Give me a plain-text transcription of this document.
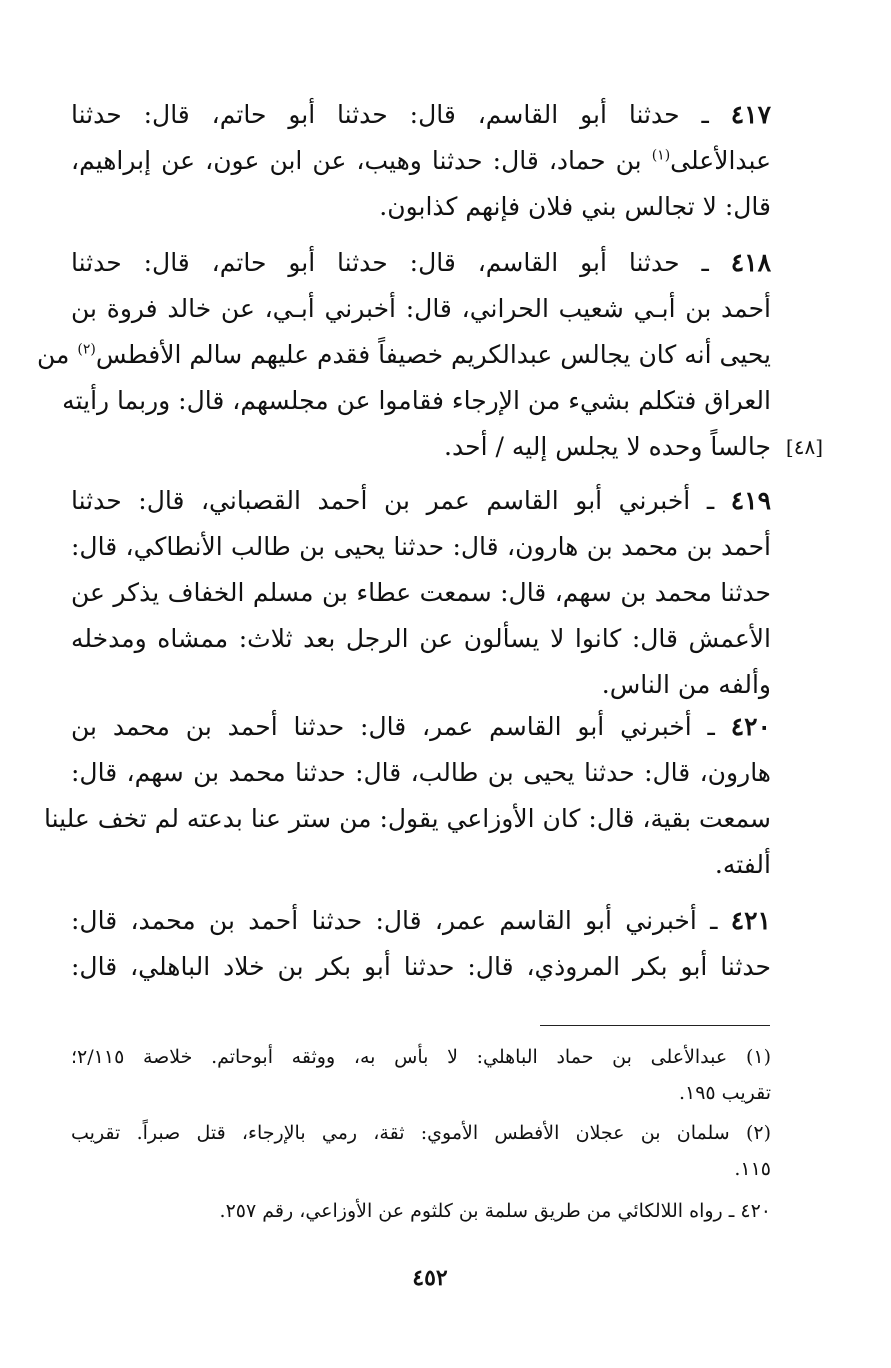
٤١٧ ـ حدثنا أبو القاسم، قال: حدثنا أبو حاتم، قال: حدثنا
عبدالأعلى$^{(١)}$ بن حماد، قال: حدثنا وهيب، عن ابن عون، عن إبراهيم،
قال: لا تجالس بني فلان فإنهم كذابون.
٤١٨ ـ حدثنا أبو القاسم، قال: حدثنا أبو حاتم، قال: حدثنا
أحمد بن أبـي شعيب الحراني، قال: أخبرني أبـي، عن خالد فروة بن
يحيى أنه كان يجالس عبدالكريم خصيفاً فقدم عليهم سالم الأفطس$^{(٢)}$ من
العراق فتكلم بشيء من الإرجاء فقاموا عن مجلسهم، قال: وربما رأيته
جالساً وحده لا يجلس إليه / أحد. [٤٨]
٤١٩ ـ أخبرني أبو القاسم عمر بن أحمد القصباني، قال: حدثنا
أحمد بن محمد بن هارون، قال: حدثنا يحيى بن طالب الأنطاكي، قال:
حدثنا محمد بن سهم، قال: سمعت عطاء بن مسلم الخفاف يذكر عن
الأعمش قال: كانوا لا يسألون عن الرجل بعد ثلاث: ممشاه ومدخله
وألفه من الناس.
٤٢٠ ـ أخبرني أبو القاسم عمر، قال: حدثنا أحمد بن محمد بن
هارون، قال: حدثنا يحيى بن طالب، قال: حدثنا محمد بن سهم، قال:
سمعت بقية، قال: كان الأوزاعي يقول: من ستر عنا بدعته لم تخف علينا
ألفته.
٤٢١ ـ أخبرني أبو القاسم عمر، قال: حدثنا أحمد بن محمد، قال:
حدثنا أبو بكر المروذي، قال: حدثنا أبو بكر بن خلاد الباهلي، قال:
(١) عبدالأعلى بن حماد الباهلي: لا بأس به، ووثقه أبوحاتم. خلاصة ٢/١١٥؛
تقريب ١٩٥.
(٢) سلمان بن عجلان الأفطس الأموي: ثقة، رمي بالإرجاء، قتل صبراً. تقريب
١١٥.
٤٢٠ ـ رواه اللالكائي من طريق سلمة بن كلثوم عن الأوزاعي، رقم ٢٥٧.
٤٥٢
